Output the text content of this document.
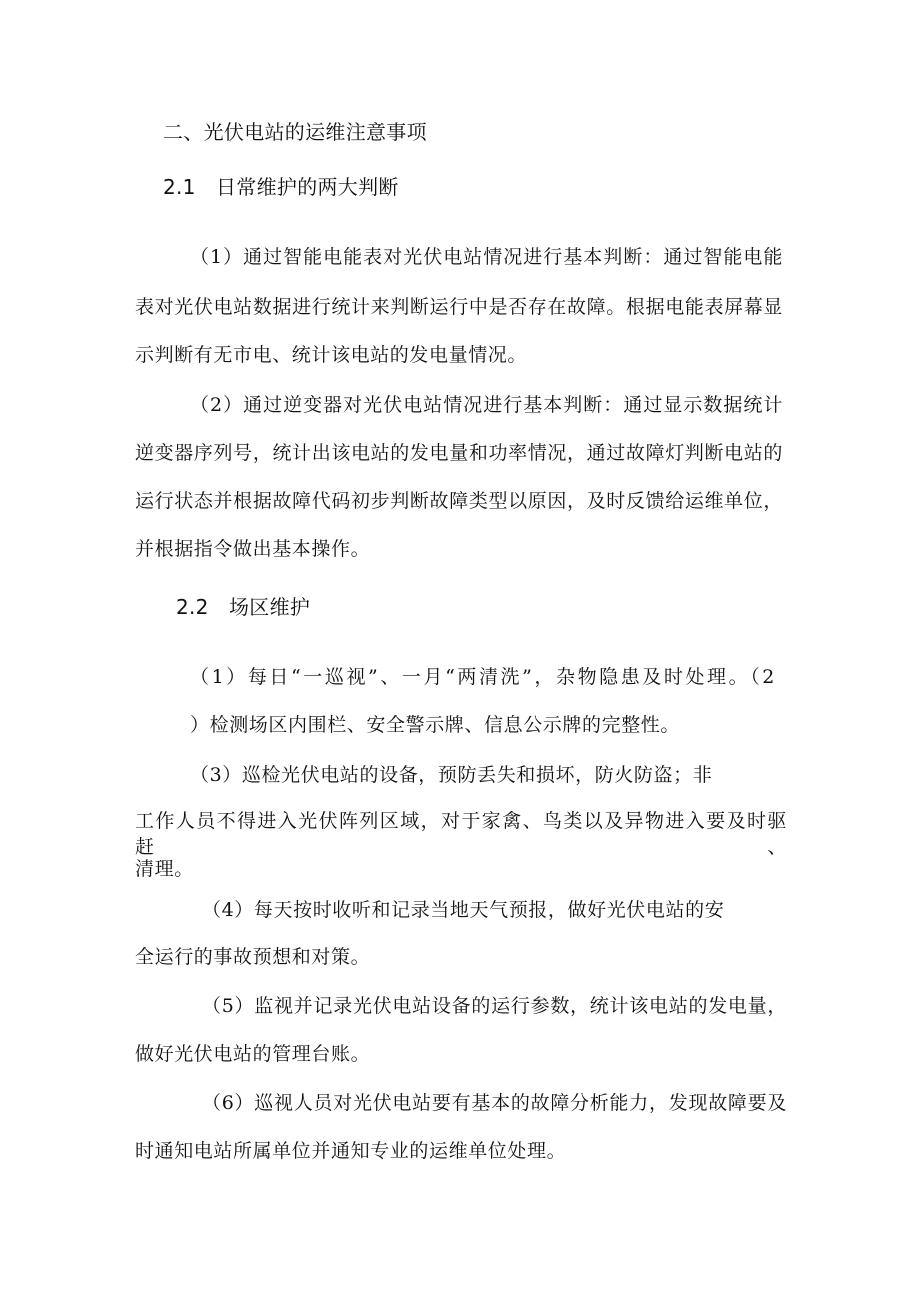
二、光伏电站的运维注意事项
2.1　日常维护的两大判断
（1）通过智能电能表对光伏电站情况进行基本判断：通过智能电能
表对光伏电站数据进行统计来判断运行中是否存在故障。根据电能表屏幕显
示判断有无市电、统计该电站的发电量情况。
（2）通过逆变器对光伏电站情况进行基本判断：通过显示数据统计
逆变器序列号，统计出该电站的发电量和功率情况，通过故障灯判断电站的
运行状态并根据故障代码初步判断故障类型以原因，及时反馈给运维单位，
并根据指令做出基本操作。
2.2　场区维护
（1）每日“一巡视”、一月“两清洗”，杂物隐患及时处理。（2
）检测场区内围栏、安全警示牌、信息公示牌的完整性。
（3）巡检光伏电站的设备，预防丢失和损坏，防火防盗；非
工作人员不得进入光伏阵列区域，对于家禽、鸟类以及异物进入要及时驱赶、
清理。
（4）每天按时收听和记录当地天气预报，做好光伏电站的安
全运行的事故预想和对策。
（5）监视并记录光伏电站设备的运行参数，统计该电站的发电量，
做好光伏电站的管理台账。
（6）巡视人员对光伏电站要有基本的故障分析能力，发现故障要及
时通知电站所属单位并通知专业的运维单位处理。
